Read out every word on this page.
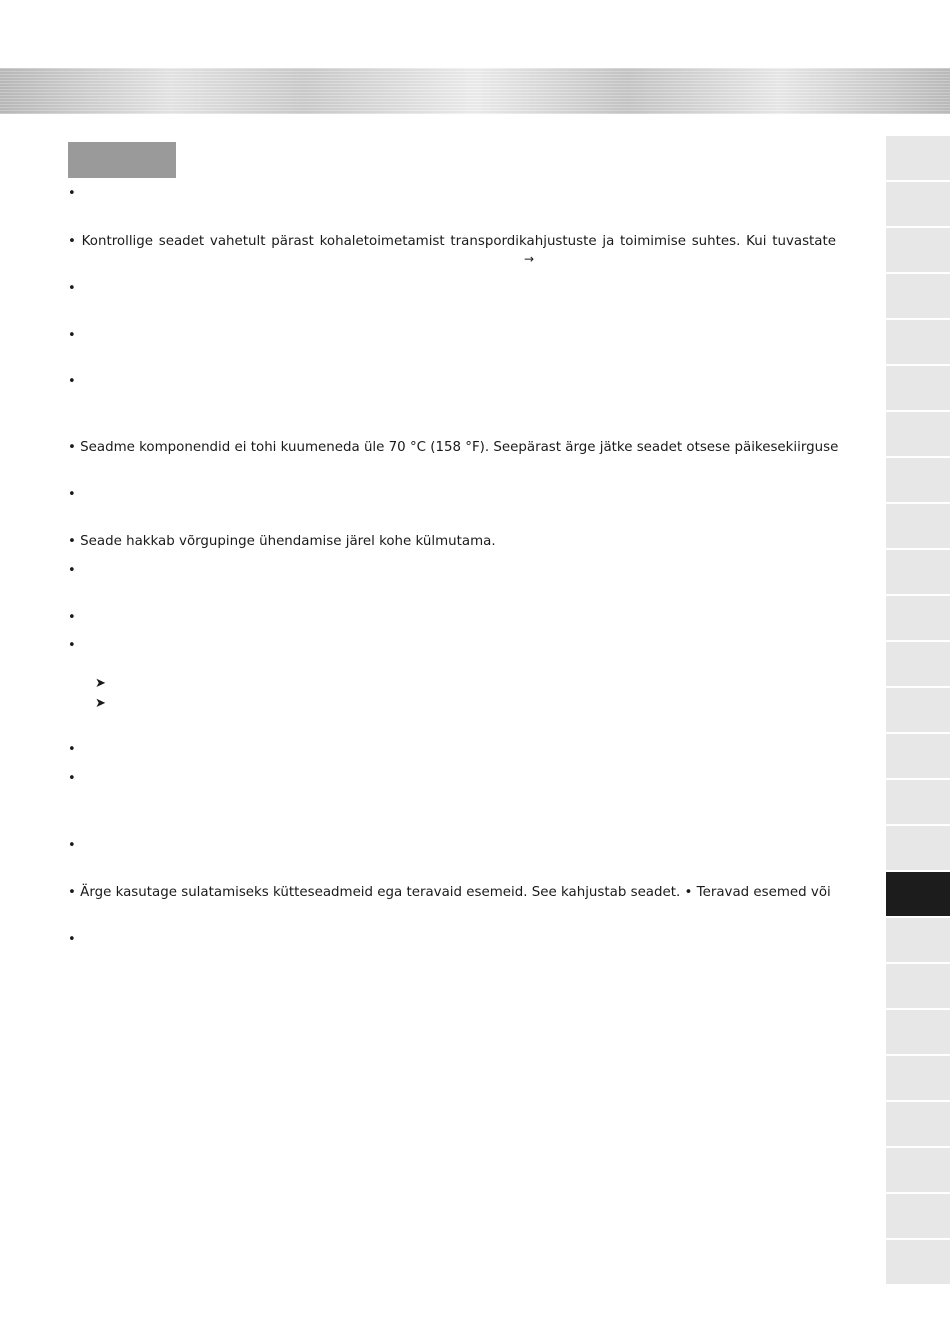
•
• Kontrollige seadet vahetult pärast kohaletoimetamist transpordikahjustuste ja toimimise suhtes. Kui tuvastate
→
•
•
•
• Seadme komponendid ei tohi kuumeneda üle 70 °C (158 °F). Seepärast ärge jätke seadet otsese päikesekiirguse
•
• Seade hakkab võrgupinge ühendamise järel kohe külmutama.
•
•
•
➤
➤
•
•
•
• Ärge kasutage sulatamiseks kütteseadmeid ega teravaid esemeid. See kahjustab seadet. • Teravad esemed või
•
